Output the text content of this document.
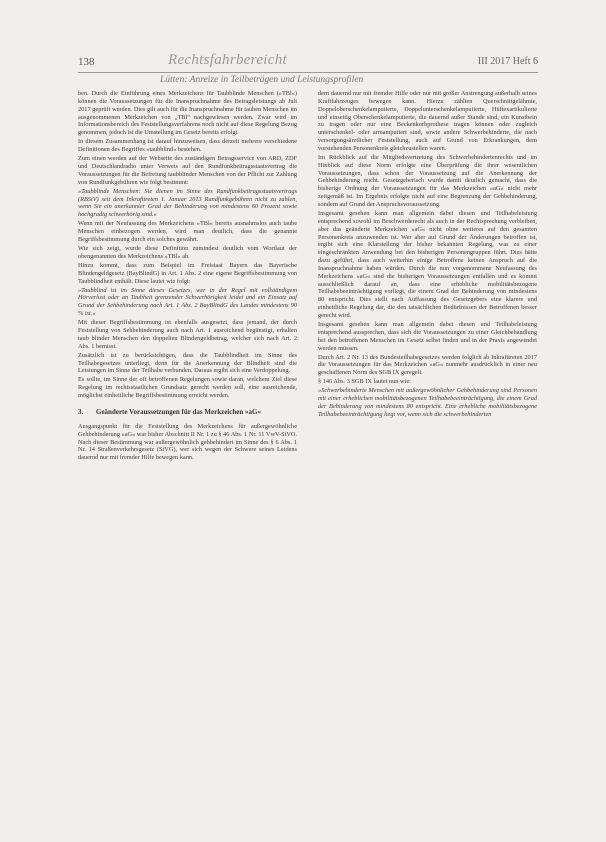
138	Rechtsfahrbereicht	III 2017 Heft 6
Lütten: Anreize in Teilbeträgen und Leistungsprofilen

ben. Durch die Einführung eines Merkzeichens für Taubblinde Menschen (»TBl«) können die Voraussetzungen für die Inanspruchnahme des Betragsleistungs ab Juli 2017 geprüft werden. Dies gilt auch für die Inanspruchnahme für tauben Menschen im ausgenommenen Merkzeichen von „TBl“ nachgewiesen werden. Zwar wird im Informationsbereich des Feststellungsverfahrens noch nicht auf diese Regelung Bezug genommen, jedoch ist die Umstellung im Gesetz bereits erfolgt.

In diesem Zusammenhang ist darauf hinzuweisen, dass derzeit mehrere verschiedene Definitionen des Begriffes »taubblind« bestehen.

Zum einen werden auf der Webseite des zuständigen Betragsservice von ARD, ZDF und Deutschlandradio unter Verweis auf den Rundfunkbeitragsstaatsvertrag die Voraussetzungen für die Befreiung taubblinder Menschen von der Pflicht zur Zahlung von Rundfunkgebühren wie folgt bestimmt:

»Taubblinde Menschen: Sie dienen im Sinne des Rundfunkbeitragsstaatsvertrags (RBStV) seit dem Inkrafttreten 1. Januar 2013 Rundfunkgebühren nicht zu zahlen, wenn Sie ein anerkannter Grad der Behinderung von mindestens 60 Prozent sowie hochgradig schwerhörig sind.«

Wenn mit der Neufassung des Merkzeichens »TBl« bereits ausnahmslos auch taube Menschen einbezogen werden, wird man deutlich, dass die genannte Begriffsbestimmung durch ein solches gewährt.

Wie sich zeigt, wurde diese Definition zumindest deutlich vom Wortlaut der obengenannten des Merkzeichens »TBl« ab.

Hinzu kommt, dass zum Beispiel im Freistaat Bayern das Bayerische Blindengeldgesetz (BayBlindG) in Art. 1 Abs. 2 eine eigene Begriffsbestimmung von Taubblindheit enthält. Diese lautet wie folgt:

»Taubblind ist im Sinne dieses Gesetzes, wer in der Regel mit vollständigem Hörverlust oder an Taubheit grenzender Schwerhörigkeit leidet und ein Einsatz auf Grund der Sehbehinderung nach Art. 1 Abs. 2 BayBlindG des Landes mindestens 90 % ist.«

Mit dieser Begriffsbestimmung ist ebenfalls ausgesetzt, dass jemand, der durch Feststellung von Sehbehinderung auch nach Art. 1 ausreichend begünstigt, erhalten taub blinder Menschen den doppelten Blindengeldbetrag, welcher sich nach Art. 2 Abs. 1 bemisst.

Zusätzlich ist zu berücksichtigen, dass die Taubblindheit im Sinne des Teilhabegesetzes unterliegt, denn für die Anerkennung der Blindheit sind die Leistungen im Sinne der Teilhabe verbunden. Daraus ergibt sich eine Verdoppelung.

Es sollte, im Sinne der oft betroffenen Regelungen sowie daran, welchem Ziel diese Regelung im rechtsstaatlichen Grundsatz gerecht werden soll, eine ausreichende, möglichst einheitliche Begriffsbestimmung erreicht werden.

3. Geänderte Voraussetzungen für das Merkzeichen »aG«

Ausgangspunkt für die Feststellung des Merkzeichens für außergewöhnliche Gehbehinderung »aG« war bisher Abschnitt II Nr. 1 zu § 46 Abs. 1 Nr. 11 VwV-StVO. Nach dieser Bestimmung war außergewöhnlich gehbehindert im Sinne des § 6 Abs. 1 Nr. 14 Straßenverkehrsgesetz (StVG), wer sich wegen der Schwere seines Leidens dauernd nur mit fremder Hilfe bewegen kann.

dern dauernd nur mit fremder Hilfe oder nur mit großer Anstrengung außerhalb seines Kraftfahrzeuges bewegen kann. Hierzu zählten Querschnittgelähmte, Doppeloberschenkelamputierte, Doppelunterschenkelamputierte, Hüftexartikulierte und einseitig Oberschenkelamputierte, die dauernd außer Stande sind, ein Kunstbein zu tragen oder nur eine Beckenkorbprothese tragen können oder zugleich unterschenkel- oder armamputiert sind, sowie andere Schwerbehinderte, die nach versorgungsärztlicher Feststellung, auch auf Grund von Erkrankungen, dem vorstehenden Personenkreis gleichzustellen waren.

Im Rückblick auf die Mitgliedsvertretung des Schwerbehindertenrechts und im Hinblick auf diese Norm erfolgte eine Überprüfung die ihrer wesentlichen Voraussetzungen, dass schon der Voraussetzung auf die Anerkennung der Gehbehinderung reicht. Gesetzgeberisch wurde damit deutlich gemacht, dass die bisherige Ordnung der Voraussetzungen für das Merkzeichen »aG« nicht mehr zeitgemäß ist. Im Ergebnis erfolgte nicht auf eine Begrenzung der Gehbehinderung, sondern auf Grund der Anspruchsvoraussetzung.

Insgesamt gesehen kann man allgemein dabei diesen und Teilhabeleistung entsprechend sowohl im Beschwerderecht als auch in der Rechtsprechung verbleiben, aber das geänderte Merkzeichen »aG« nicht ohne weiteres auf den gesamten Personenkreis anzuwenden ist. Wer aber auf Grund der Änderungen betroffen ist, ergibt sich eine Klarstellung der bisher bekannten Regelung, was zu einer eingeschränkten Anwendung bei den bisherigen Personengruppen führt. Dies hätte dazu geführt, dass auch weiterhin einige Betroffene keinen Anspruch auf die Inanspruchnahme haben würden. Durch die nun vorgenommene Neufassung des Merkzeichens »aG« sind die bisherigen Voraussetzungen entfallen und es kommt ausschließlich darauf an, dass eine erhebliche mobilitätsbezogene Teilhabebeeinträchtigung vorliegt, die einem Grad der Behinderung von mindestens 80 entspricht. Dies stellt nach Auffassung des Gesetzgebers eine klarere und einheitliche Regelung dar, die den tatsächlichen Bedürfnissen der Betroffenen besser gerecht wird.

Insgesamt gesehen kann man allgemein dabei diesen und Teilhabeleistung entsprechend aussprechen, dass sich die Voraussetzungen zu einer Gleichbehandlung bei den betroffenen Menschen im Gesetz selbst finden und in der Praxis angewendet werden müssen.

Durch Art. 2 Nr. 13 des Bundesteilhabegesetzes werden folglich ab Inkrafttreten 2017 die Voraussetzungen für das Merkzeichen »aG« nunmehr ausdrücklich in einer neu geschaffenen Norm des SGB IX geregelt.

§ 146 Abs. 3 SGB IX lautet nun wie:

»Schwerbehinderte Menschen mit außergewöhnlicher Gehbehinderung sind Personen mit einer erheblichen mobilitätsbezogenen Teilhabebeeinträchtigung, die einem Grad der Behinderung von mindestens 80 entspricht. Eine erhebliche mobilitätsbezogene Teilhabebeeinträchtigung liegt vor, wenn sich die schwerbehinderten
